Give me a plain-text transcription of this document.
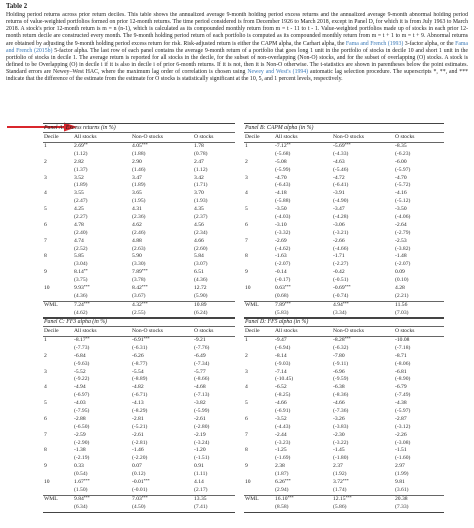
Table 2
Holding period returns across prior return deciles. This table shows the annualized average 9-month holding period excess returns and the annualized average 9-month abnormal holding period returns of value-weighted portfolios formed on prior 12-month returns. The time period considered is from December 1926 to March 2018, except in Panel D, for which it is from July 1963 to March 2018. A stock's prior 12-month return is m = n (n-1), which is calculated as its compounded monthly return from m = t - 11 to t - 1. Value-weighted portfolios made up of stocks in each prior 12-month return decile are constructed every month. The 9-month holding period return of each portfolio is computed as its compounded monthly return from m = t + 1 to m = t + 9. Abnormal returns are obtained by adjusting the 9-month holding period excess return for risk. Risk-adjusted return is either the CAPM alpha, the Carhart alpha, the Fama and French (1993) 3-factor alpha, or the Fama and French (2015b) 5-factor alpha. The last row of each panel contains the average 9-month return of a portfolio that goes long 1 unit in the portfolio of stocks in decile 10 and short 1 unit in the portfolio of stocks in decile 1. The average return is reported for all stocks in the decile, for the subset of non-overlapping (Non-O) stocks, and for the subset of overlapping (O) stocks. A stock is defined to be Overlapping (O) in decile i if it is also in decile i of prior 6-month returns. If it is not, then it is Non-O otherwise. The t-statistics are shown in parentheses below the point estimates. Standard errors are Newey–West HAC, where the maximum lag order of correlation is chosen using Newey and West's (1994) automatic lag selection procedure. The superscripts *, **, and *** indicate that the difference of the estimate from the estimate for O stocks is statistically significant at the 10, 5, and 1 percent levels, respectively.
Panel A: Excess returns (in %)
Decile	All stocks	Non-O stocks	O stocks
1	2.69**	4.05***	1.78
(1.12)	(1.88)	(0.78)
2	2.82	2.90	2.47
(1.37)	(1.46)	(1.12)
3	3.52	3.47	3.42
(1.89)	(1.89)	(1.71)
4	3.55	3.65	3.70
(2.47)	(1.95)	(1.93)
5	4.25	4.31	4.35
(2.27)	(2.36)	(2.37)
6	4.78	4.62	4.56
(2.40)	(2.46)	(2.34)
7	4.74	4.88	4.66
(2.52)	(2.63)	(2.60)
8	5.85	5.90	5.84
(3.04)	(3.30)	(3.07)
9	8.14**	7.89***	6.51
(3.75)	(3.78)	(4.36)
10	9.93***	8.42***	12.72
(4.36)	(3.67)	(5.90)
WML	7.24***	4.32***	10.89
(4.62)	(2.55)	(6.24)
Panel B: CAPM alpha (in %)
Decile	All stocks	Non-O stocks	O stocks
1	-7.12**	-5.69***	-8.35
(-5.68)	(-4.33)	(-6.23)
2	-5.08	-4.63	-6.00
(-5.99)	(-5.46)	(-5.97)
3	-4.70	-4.72	-4.70
(-6.43)	(-6.41)	(-5.72)
4	-4.18	-3.91	-4.16
(-5.88)	(-4.90)	(-5.12)
5	-3.50	-3.47	-3.50
(-4.03)	(-4.28)	(-4.06)
6	-3.10	-3.06	-2.64
(-3.32)	(-3.21)	(-2.79)
7	-2.69	-2.66	-2.53
(-4.62)	(-4.66)	(-3.82)
8	-1.63	-1.71	-1.48
(-2.07)	(-2.27)	(-2.07)
9	-0.14	-0.42	0.09
(-0.17)	(-0.51)	(0.10)
10	0.63***	-0.69***	4.28
(0.68)	(-0.74)	(2.21)
WML	7.89***	4.94***	11.56
(5.83)	(3.34)	(7.03)
Panel C: FF3 alpha (in %)
Decile	All stocks	Non-O stocks	O stocks
1	-8.17**	-6.91***	-9.21
(-7.73)	(-6.31)	(-7.76)
2	-6.84	-6.26	-6.49
(-9.63)	(-8.77)	(-7.34)
3	-5.52	-5.54	-5.77
(-9.22)	(-8.89)	(-8.66)
4	-4.94	-4.82	-4.68
(-6.97)	(-6.71)	(-7.13)
5	-4.03	-4.13	-3.82
(-7.95)	(-8.29)	(-5.99)
6	-2.88	-2.81	-2.61
(-6.50)	(-5.21)	(-2.80)
7	-2.59	-2.61	-2.19
(-2.90)	(-2.81)	(-3.24)
8	-1.38	-1.46	-1.20
(-2.19)	(-2.20)	(-1.51)
9	0.33	0.07	0.91
(0.54)	(0.12)	(1.11)
10	1.67***	-0.01***	4.14
(1.50)	(-0.01)	(2.17)
WML	9.84***	7.03***	13.35
(6.34)	(4.50)	(7.41)
Panel D: FF5 alpha (in %)
Decile	All stocks	Non-O stocks	O stocks
1	-9.47	-8.28***	-10.08
(-6.94)	(-6.32)	(-7.18)
2	-8.14	-7.80	-8.71
(-9.03)	(-9.11)	(-8.06)
3	-7.14	-6.96	-6.81
(-10.45)	(-9.59)	(-8.90)
4	-6.52	-6.38	-6.79
(-8.25)	(-8.36)	(-7.49)
5	-4.66	-4.66	-4.38
(-6.91)	(-7.36)	(-5.97)
6	-3.52	-3.26	-2.87
(-4.43)	(-3.83)	(-3.12)
7	-2.44	-2.30	-2.26
(-3.23)	(-3.22)	(-3.08)
8	-1.25	-1.45	-1.51
(-1.69)	(-1.80)	(-1.60)
9	2.38	2.37	2.97
(1.87)	(1.92)	(1.99)
10	6.26***	3.72***	9.81
(2.94)	(1.74)	(3.61)
WML	16.10***	12.15***	20.38
(8.58)	(5.86)	(7.33)
